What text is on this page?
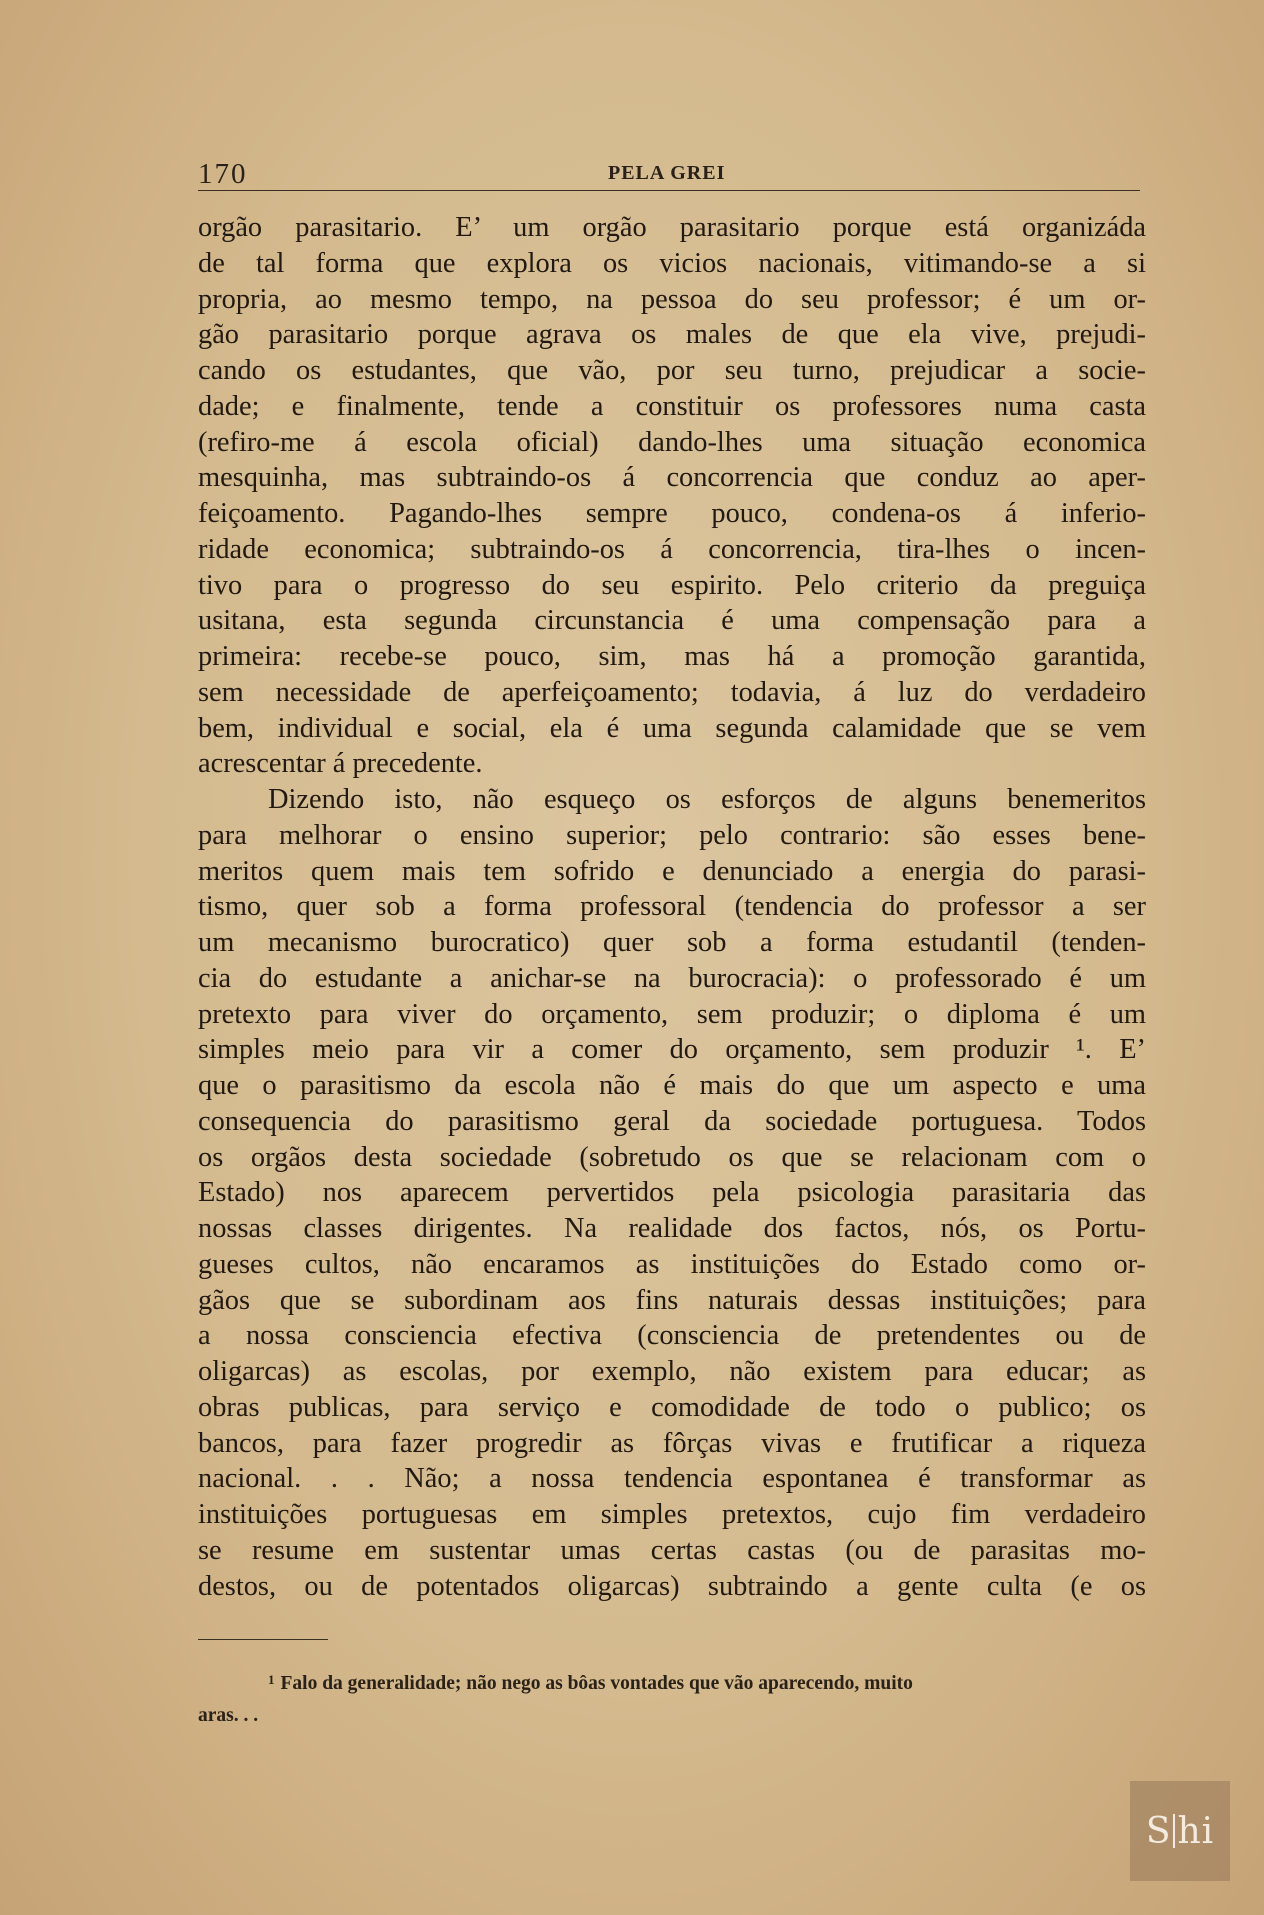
170	PELA GREI
orgão parasitario. E’ um orgão parasitario porque está organizáda
de tal forma que explora os vicios nacionais, vitimando-se a si
propria, ao mesmo tempo, na pessoa do seu professor; é um or-
gão parasitario porque agrava os males de que ela vive, prejudi-
cando os estudantes, que vão, por seu turno, prejudicar a socie-
dade; e finalmente, tende a constituir os professores numa casta
(refiro-me á escola oficial) dando-lhes uma situação economica
mesquinha, mas subtraindo-os á concorrencia que conduz ao aper-
feiçoamento. Pagando-lhes sempre pouco, condena-os á inferio-
ridade economica; subtraindo-os á concorrencia, tira-lhes o incen-
tivo para o progresso do seu espirito. Pelo criterio da preguiça
usitana, esta segunda circunstancia é uma compensação para a
primeira: recebe-se pouco, sim, mas há a promoção garantida,
sem necessidade de aperfeiçoamento; todavia, á luz do verdadeiro
bem, individual e social, ela é uma segunda calamidade que se vem
acrescentar á precedente.
Dizendo isto, não esqueço os esforços de alguns benemeritos
para melhorar o ensino superior; pelo contrario: são esses bene-
meritos quem mais tem sofrido e denunciado a energia do parasi-
tismo, quer sob a forma professoral (tendencia do professor a ser
um mecanismo burocratico) quer sob a forma estudantil (tenden-
cia do estudante a anichar-se na burocracia): o professorado é um
pretexto para viver do orçamento, sem produzir; o diploma é um
simples meio para vir a comer do orçamento, sem produzir ¹. E’
que o parasitismo da escola não é mais do que um aspecto e uma
consequencia do parasitismo geral da sociedade portuguesa. Todos
os orgãos desta sociedade (sobretudo os que se relacionam com o
Estado) nos aparecem pervertidos pela psicologia parasitaria das
nossas classes dirigentes. Na realidade dos factos, nós, os Portu-
gueses cultos, não encaramos as instituições do Estado como or-
gãos que se subordinam aos fins naturais dessas instituições; para
a nossa consciencia efectiva (consciencia de pretendentes ou de
oligarcas) as escolas, por exemplo, não existem para educar; as
obras publicas, para serviço e comodidade de todo o publico; os
bancos, para fazer progredir as fôrças vivas e frutificar a riqueza
nacional. . . Não; a nossa tendencia espontanea é transformar as
instituições portuguesas em simples pretextos, cujo fim verdadeiro
se resume em sustentar umas certas castas (ou de parasitas mo-
destos, ou de potentados oligarcas) subtraindo a gente culta (e os
$^1$ Falo da generalidade; não nego as bôas vontades que vão aparecendo, muito
aras. . .
S hi
